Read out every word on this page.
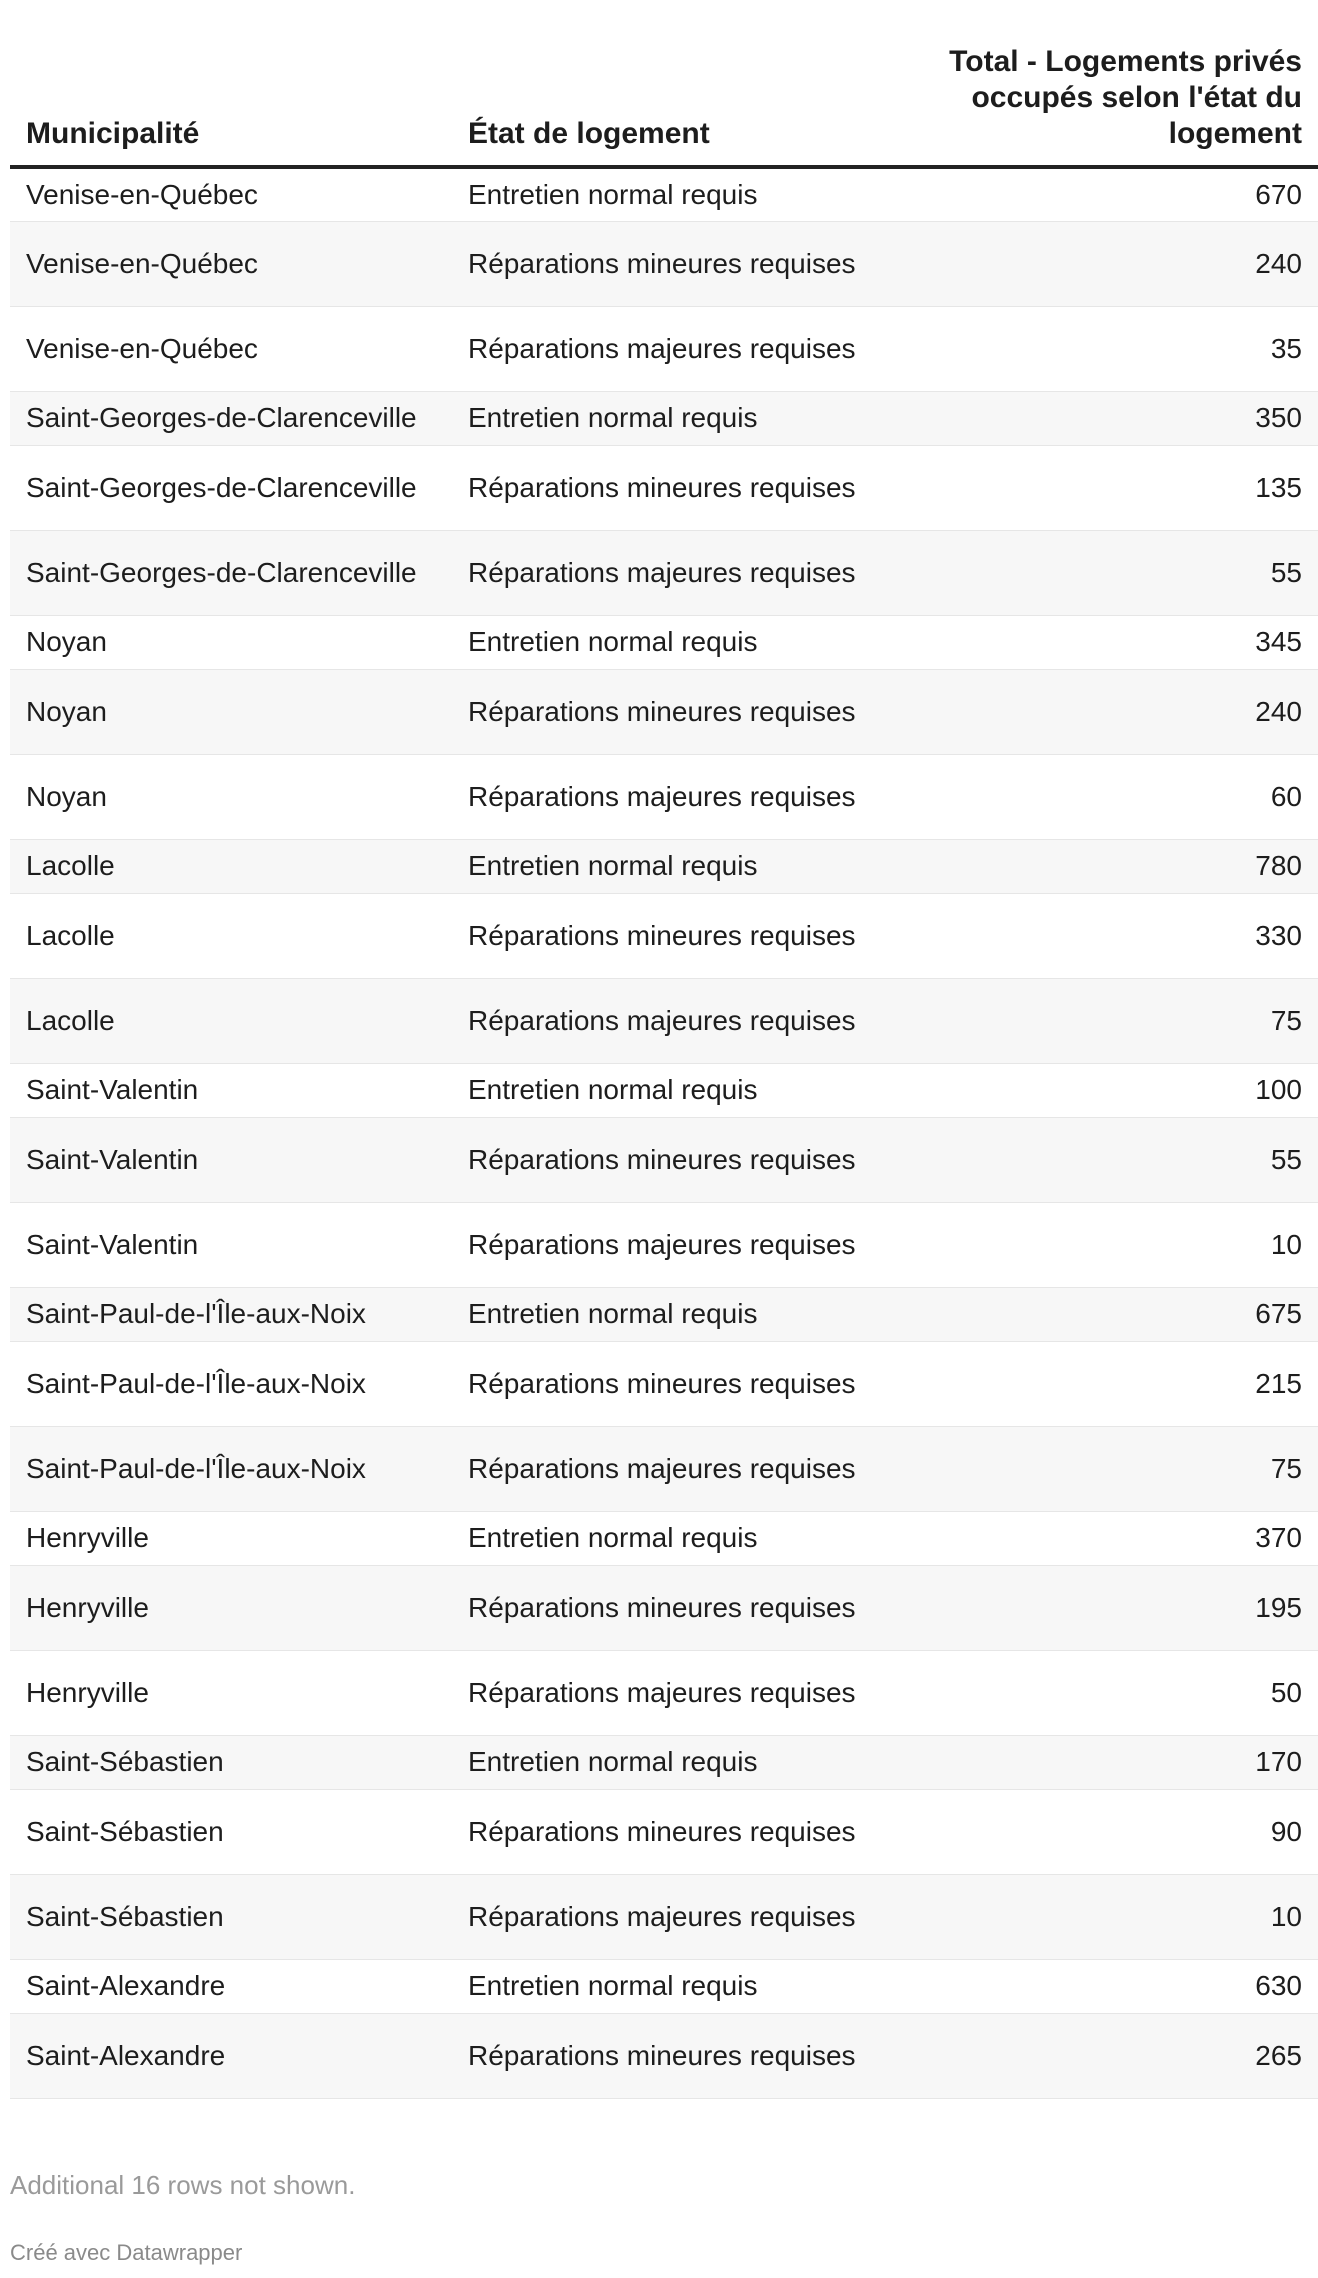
Municipalité	État de logement	Total - Logements privés occupés selon l'état du logement
Venise-en-Québec	Entretien normal requis	670
Venise-en-Québec	Réparations mineures requises	240
Venise-en-Québec	Réparations majeures requises	35
Saint-Georges-de-Clarenceville	Entretien normal requis	350
Saint-Georges-de-Clarenceville	Réparations mineures requises	135
Saint-Georges-de-Clarenceville	Réparations majeures requises	55
Noyan	Entretien normal requis	345
Noyan	Réparations mineures requises	240
Noyan	Réparations majeures requises	60
Lacolle	Entretien normal requis	780
Lacolle	Réparations mineures requises	330
Lacolle	Réparations majeures requises	75
Saint-Valentin	Entretien normal requis	100
Saint-Valentin	Réparations mineures requises	55
Saint-Valentin	Réparations majeures requises	10
Saint-Paul-de-l'Île-aux-Noix	Entretien normal requis	675
Saint-Paul-de-l'Île-aux-Noix	Réparations mineures requises	215
Saint-Paul-de-l'Île-aux-Noix	Réparations majeures requises	75
Henryville	Entretien normal requis	370
Henryville	Réparations mineures requises	195
Henryville	Réparations majeures requises	50
Saint-Sébastien	Entretien normal requis	170
Saint-Sébastien	Réparations mineures requises	90
Saint-Sébastien	Réparations majeures requises	10
Saint-Alexandre	Entretien normal requis	630
Saint-Alexandre	Réparations mineures requises	265
Additional 16 rows not shown.
Créé avec Datawrapper
